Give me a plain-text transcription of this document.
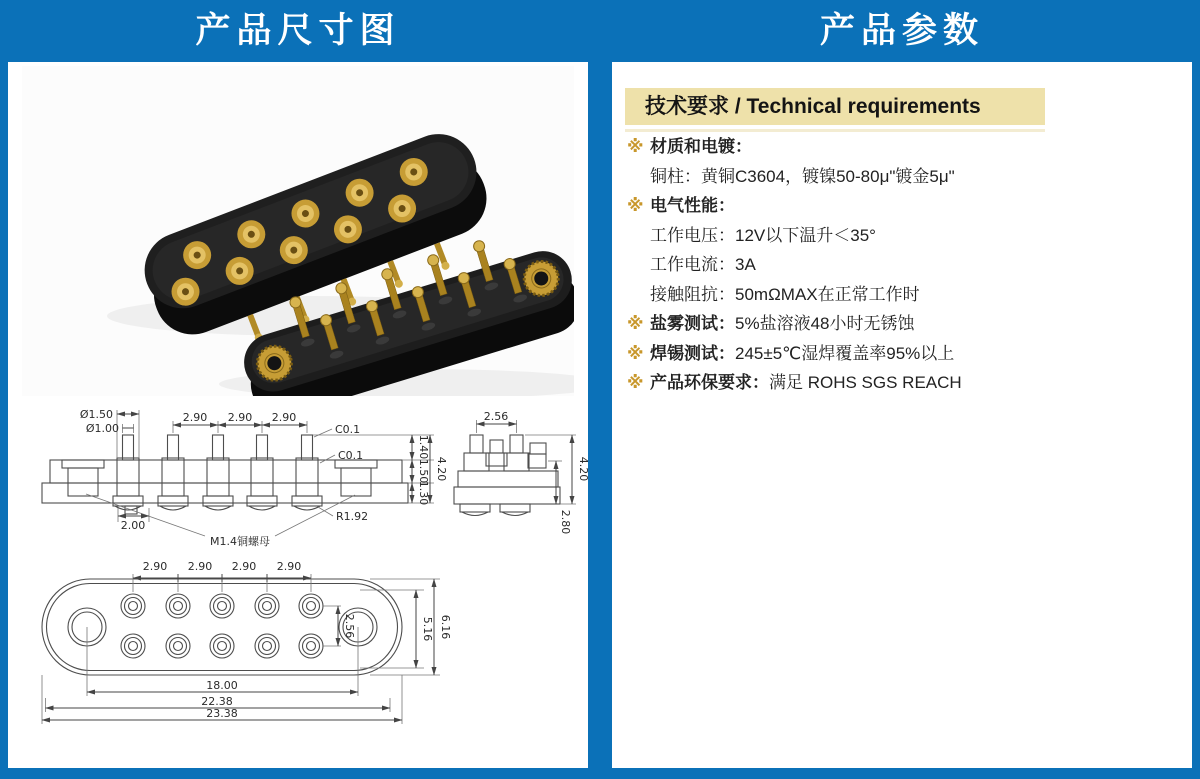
产品尺寸图	产品参数
Ø1.50
Ø1.00
2.90 2.90 2.90
C0.1
C0.1	1.40
1.50
1.30
4.20
2.00
R1.92
M1.4铜螺母
2.56
4.20
2.80
2.90 2.90 2.90 2.90
2.56	5.16 6.16
18.00
22.38
23.38
技术要求 / Technical requirements
※ 材质和电镀：
铜柱：黄铜C3604，镀镍50-80μ"镀金5μ"
※ 电气性能：
工作电压：12V以下温升＜35°
工作电流：3A
接触阻抗：50mΩMAX在正常工作时
※ 盐雾测试：5%盐溶液48小时无锈蚀
※ 焊锡测试：245±5℃湿焊覆盖率95%以上
※ 产品环保要求：满足 ROHS SGS REACH
